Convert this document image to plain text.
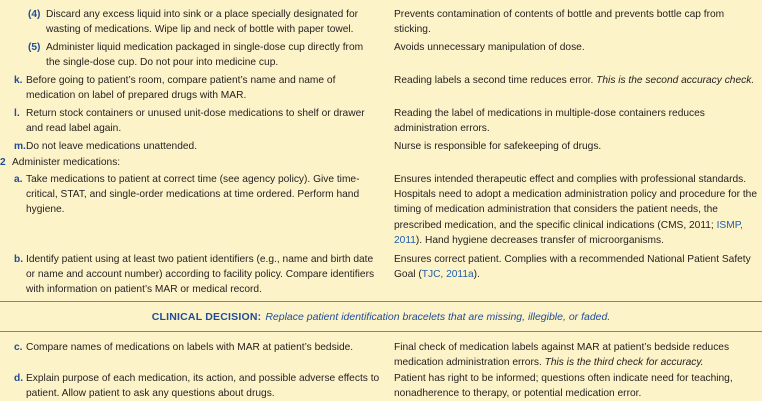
(4) Discard any excess liquid into sink or a place specially designated for wasting of medications. Wipe lip and neck of bottle with paper towel.
Prevents contamination of contents of bottle and prevents bottle cap from sticking.
(5) Administer liquid medication packaged in single-dose cup directly from the single-dose cup. Do not pour into medicine cup.
Avoids unnecessary manipulation of dose.
k. Before going to patient’s room, compare patient’s name and name of medication on label of prepared drugs with MAR.
Reading labels a second time reduces error. This is the second accuracy check.
l. Return stock containers or unused unit-dose medications to shelf or drawer and read label again.
Reading the label of medications in multiple-dose containers reduces administration errors.
m.Do not leave medications unattended.	Nurse is responsible for safekeeping of drugs.
2 Administer medications:
a. Take medications to patient at correct time (see agency policy). Give time-critical, STAT, and single-order medications at time ordered. Perform hand hygiene.
Ensures intended therapeutic effect and complies with professional standards. Hospitals need to adopt a medication administration policy and procedure for the timing of medication administration that considers the patient needs, the prescribed medication, and the specific clinical indications (CMS, 2011; ISMP, 2011). Hand hygiene decreases transfer of microorganisms.
b. Identify patient using at least two patient identifiers (e.g., name and birth date or name and account number) according to facility policy. Compare identifiers with information on patient’s MAR or medical record.
Ensures correct patient. Complies with a recommended National Patient Safety Goal (TJC, 2011a).
CLINICAL DECISION: Replace patient identification bracelets that are missing, illegible, or faded.
c. Compare names of medications on labels with MAR at patient’s bedside.	Final check of medication labels against MAR at patient’s bedside reduces medication administration errors. This is the third check for accuracy.
d. Explain purpose of each medication, its action, and possible adverse effects to patient. Allow patient to ask any questions about drugs.
Patient has right to be informed; questions often indicate need for teaching, nonadherence to therapy, or potential medication error.
